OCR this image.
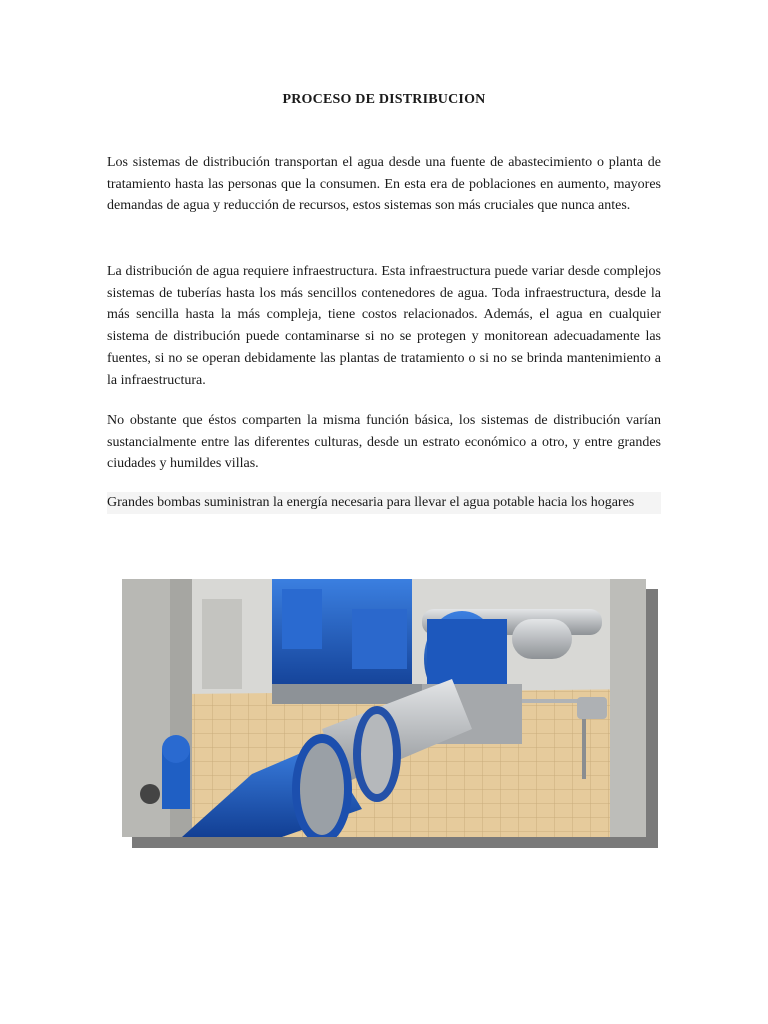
PROCESO DE DISTRIBUCION

Los sistemas de distribución transportan el agua desde una fuente de abastecimiento o planta de tratamiento hasta las personas que la consumen. En esta era de poblaciones en aumento, mayores demandas de agua y reducción de recursos, estos sistemas son más cruciales que nunca antes.

La distribución de agua requiere infraestructura. Esta infraestructura puede variar desde complejos sistemas de tuberías hasta los más sencillos contenedores de agua. Toda infraestructura, desde la más sencilla hasta la más compleja, tiene costos relacionados. Además, el agua en cualquier sistema de distribución puede contaminarse si no se protegen y monitorean adecuadamente las fuentes, si no se operan debidamente las plantas de tratamiento o si no se brinda mantenimiento a la infraestructura.

No obstante que éstos comparten la misma función básica, los sistemas de distribución varían sustancialmente entre las diferentes culturas, desde un estrato económico a otro, y entre grandes ciudades y humildes villas.

Grandes bombas suministran la energía necesaria para llevar el agua potable hacia los hogares
